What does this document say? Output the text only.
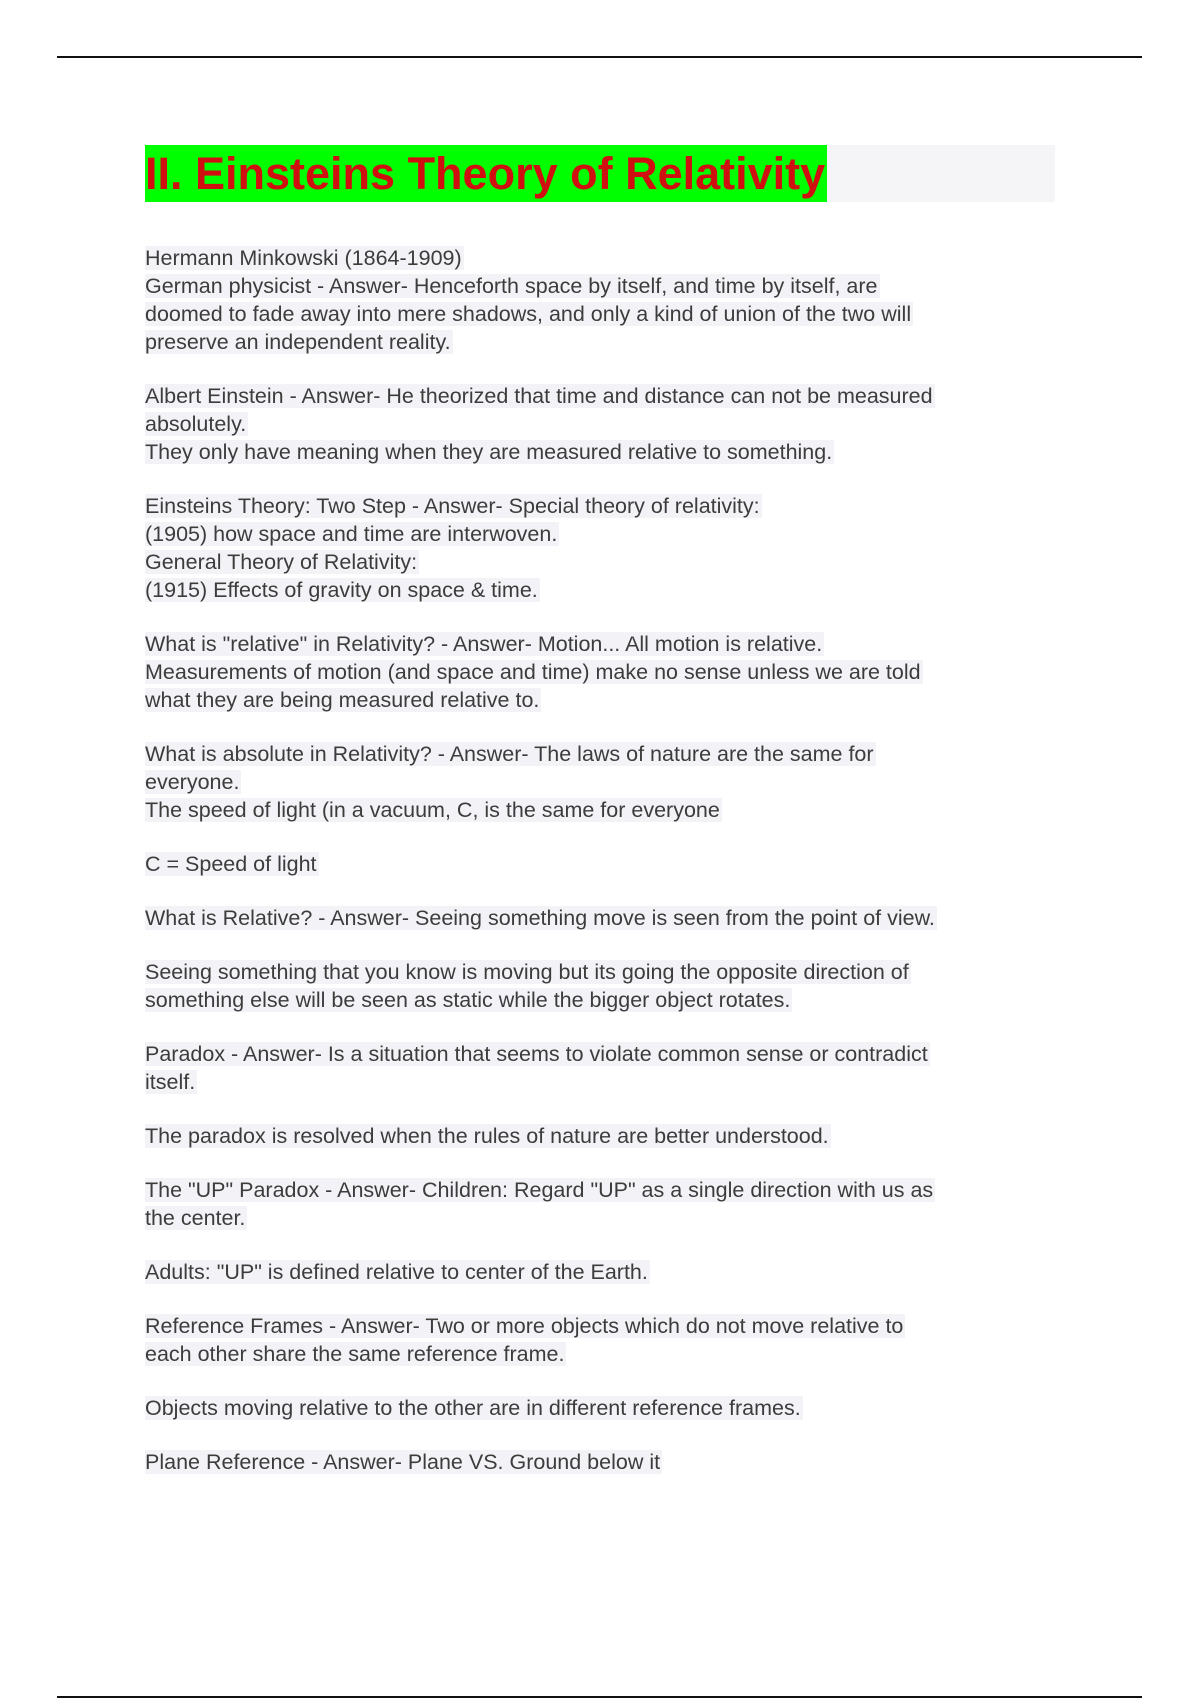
II. Einsteins Theory of Relativity
Hermann Minkowski (1864-1909)
German physicist - Answer- Henceforth space by itself, and time by itself, are
doomed to fade away into mere shadows, and only a kind of union of the two will
preserve an independent reality.
Albert Einstein - Answer- He theorized that time and distance can not be measured
absolutely.
They only have meaning when they are measured relative to something.
Einsteins Theory: Two Step - Answer- Special theory of relativity:
(1905) how space and time are interwoven.
General Theory of Relativity:
(1915) Effects of gravity on space & time.
What is "relative" in Relativity? - Answer- Motion... All motion is relative.
Measurements of motion (and space and time) make no sense unless we are told
what they are being measured relative to.
What is absolute in Relativity? - Answer- The laws of nature are the same for
everyone.
The speed of light (in a vacuum, C, is the same for everyone
C = Speed of light
What is Relative? - Answer- Seeing something move is seen from the point of view.
Seeing something that you know is moving but its going the opposite direction of
something else will be seen as static while the bigger object rotates.
Paradox - Answer- Is a situation that seems to violate common sense or contradict
itself.
The paradox is resolved when the rules of nature are better understood.
The "UP" Paradox - Answer- Children: Regard "UP" as a single direction with us as
the center.
Adults: "UP" is defined relative to center of the Earth.
Reference Frames - Answer- Two or more objects which do not move relative to
each other share the same reference frame.
Objects moving relative to the other are in different reference frames.
Plane Reference - Answer- Plane VS. Ground below it
